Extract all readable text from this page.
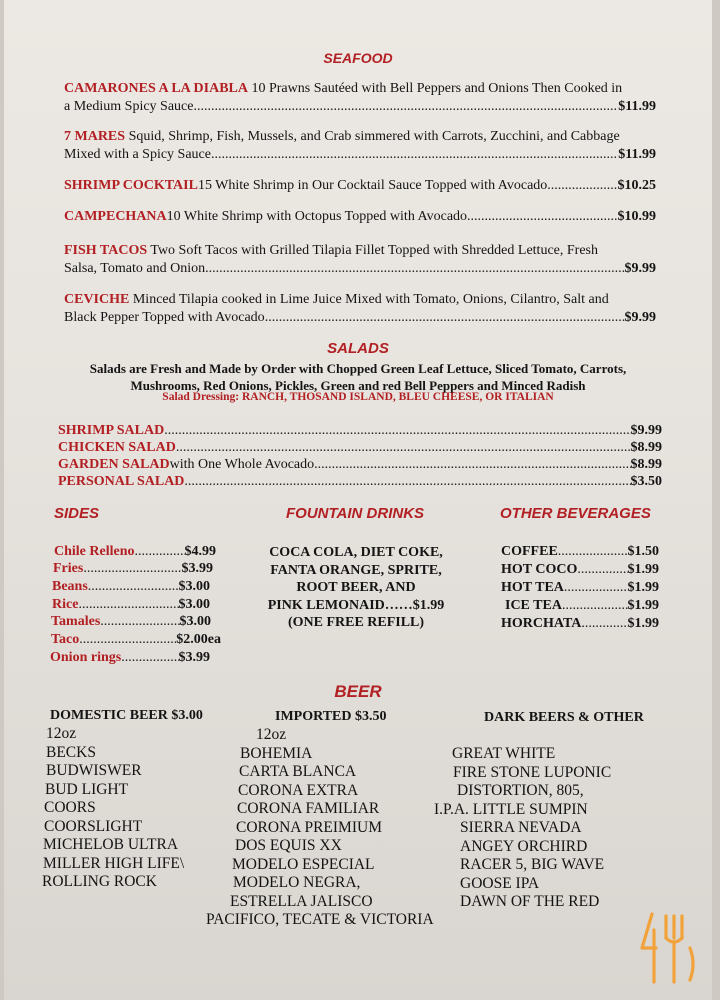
SEAFOOD
CAMARONES A LA DIABLA 10 Prawns Sautéed with Bell Peppers and Onions Then Cooked in
a Medium Spicy Sauce .....	$11.99
7 MARES Squid, Shrimp, Fish, Mussels, and Crab simmered with Carrots, Zucchini, and Cabbage
Mixed with a Spicy Sauce .....	$11.99
SHRIMP COCKTAIL 15 White Shrimp in Our Cocktail Sauce Topped with Avocado .....	$10.25
CAMPECHANA 10 White Shrimp with Octopus Topped with Avocado .....	$10.99
FISH TACOS Two Soft Tacos with Grilled Tilapia Fillet Topped with Shredded Lettuce, Fresh
Salsa, Tomato and Onion .....	$9.99
CEVICHE Minced Tilapia cooked in Lime Juice Mixed with Tomato, Onions, Cilantro, Salt and
Black Pepper Topped with Avocado .....	$9.99
SALADS
Salads are Fresh and Made by Order with Chopped Green Leaf Lettuce, Sliced Tomato, Carrots,
Mushrooms, Red Onions, Pickles, Green and red Bell Peppers and Minced Radish
Salad Dressing: RANCH, THOSAND ISLAND, BLEU CHEESE, OR ITALIAN
SHRIMP SALAD .....	$9.99
CHICKEN SALAD .....	$8.99
GARDEN SALAD with One Whole Avocado .....	$8.99
PERSONAL SALAD .....	$3.50
SIDES
Chile Relleno .....	$4.99
Fries .....	$3.99
Beans .....	$3.00
Rice .....	$3.00
Tamales .....	$3.00
Taco .....	$2.00ea
Onion rings .....	$3.99
FOUNTAIN DRINKS
COCA COLA, DIET COKE,
FANTA ORANGE, SPRITE,
ROOT BEER, AND
PINK LEMONAID……$1.99
(ONE FREE REFILL)
OTHER BEVERAGES
COFFEE .....	$1.50
HOT COCO .....	$1.99
HOT TEA .....	$1.99
ICE TEA .....	$1.99
HORCHATA .....	$1.99
BEER
DOMESTIC BEER $3.00
12oz
BECKS
BUDWISWER
BUD LIGHT
COORS
COORSLIGHT
MICHELOB ULTRA
MILLER HIGH LIFE\
ROLLING ROCK
IMPORTED $3.50
12oz
BOHEMIA
CARTA BLANCA
CORONA EXTRA
CORONA FAMILIAR
CORONA PREIMIUM
DOS EQUIS XX
MODELO ESPECIAL
MODELO NEGRA,
ESTRELLA JALISCO
PACIFICO, TECATE & VICTORIA
DARK BEERS & OTHER
GREAT WHITE
FIRE STONE LUPONIC
DISTORTION, 805,
I.P.A. LITTLE SUMPIN
SIERRA NEVADA
ANGEY ORCHIRD
RACER 5, BIG WAVE
GOOSE IPA
DAWN OF THE RED
